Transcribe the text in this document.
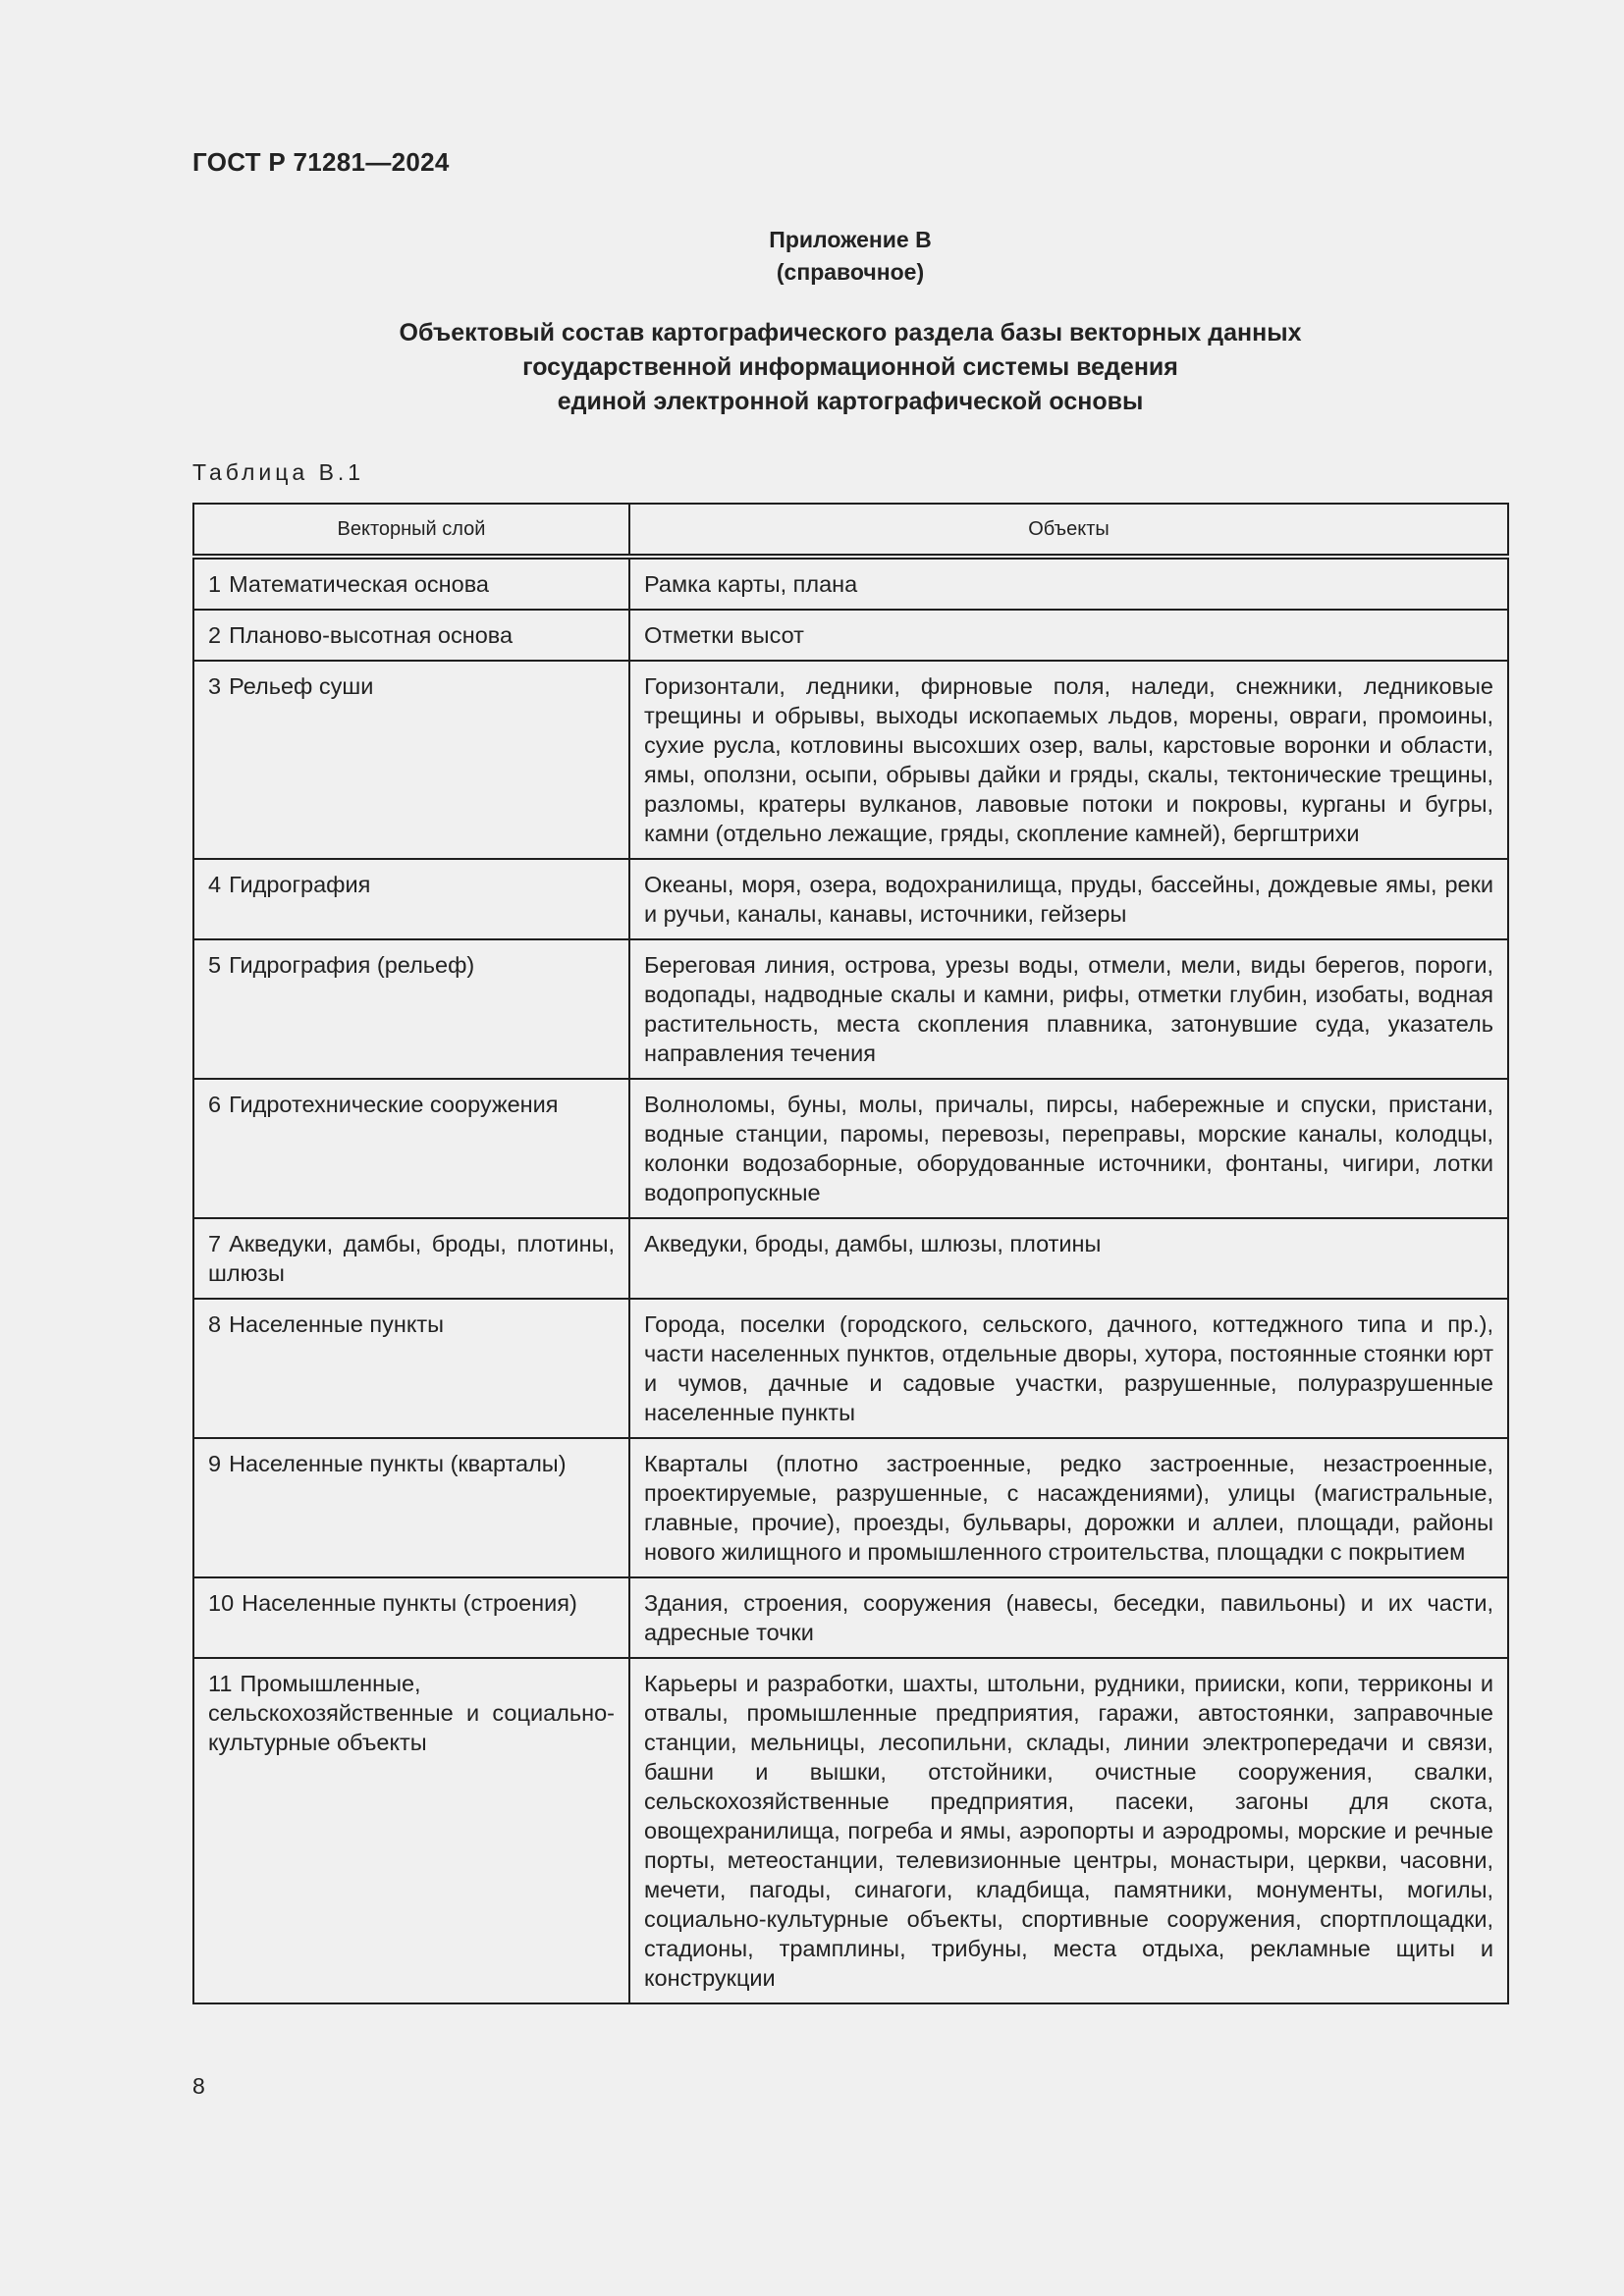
ГОСТ Р 71281—2024
Приложение В
(справочное)
Объектовый состав картографического раздела базы векторных данных
государственной информационной системы ведения
единой электронной картографической основы
Таблица В.1
Векторный слой	Объекты
1 Математическая основа	Рамка карты, плана
2 Планово-высотная основа	Отметки высот
3 Рельеф суши	Горизонтали, ледники, фирновые поля, наледи, снежники, ледниковые трещины и обрывы, выходы ископаемых льдов, морены, овраги, промоины, сухие русла, котловины высохших озер, валы, карстовые воронки и области, ямы, оползни, осыпи, обрывы дайки и гряды, скалы, тектонические трещины, разломы, кратеры вулканов, лавовые потоки и покровы, курганы и бугры, камни (отдельно лежащие, гряды, скопление камней), бергштрихи
4 Гидрография	Океаны, моря, озера, водохранилища, пруды, бассейны, дождевые ямы, реки и ручьи, каналы, канавы, источники, гейзеры
5 Гидрография (рельеф)	Береговая линия, острова, урезы воды, отмели, мели, виды берегов, пороги, водопады, надводные скалы и камни, рифы, отметки глубин, изобаты, водная растительность, места скопления плавника, затонувшие суда, указатель направления течения
6 Гидротехнические сооружения	Волноломы, буны, молы, причалы, пирсы, набережные и спуски, пристани, водные станции, паромы, перевозы, переправы, морские каналы, колодцы, колонки водозаборные, оборудованные источники, фонтаны, чигири, лотки водопропускные
7 Акведуки, дамбы, броды, плотины, шлюзы	Акведуки, броды, дамбы, шлюзы, плотины
8 Населенные пункты	Города, поселки (городского, сельского, дачного, коттеджного типа и пр.), части населенных пунктов, отдельные дворы, хутора, постоянные стоянки юрт и чумов, дачные и садовые участки, разрушенные, полуразрушенные населенные пункты
9 Населенные пункты (кварталы)	Кварталы (плотно застроенные, редко застроенные, незастроенные, проектируемые, разрушенные, с насаждениями), улицы (магистральные, главные, прочие), проезды, бульвары, дорожки и аллеи, площади, районы нового жилищного и промышленного строительства, площадки с покрытием
10 Населенные пункты (строения)	Здания, строения, сооружения (навесы, беседки, павильоны) и их части, адресные точки
11 Промышленные, сельскохозяйственные и социально-культурные объекты	Карьеры и разработки, шахты, штольни, рудники, прииски, копи, терриконы и отвалы, промышленные предприятия, гаражи, автостоянки, заправочные станции, мельницы, лесопильни, склады, линии электропередачи и связи, башни и вышки, отстойники, очистные сооружения, свалки, сельскохозяйственные предприятия, пасеки, загоны для скота, овощехранилища, погреба и ямы, аэропорты и аэродромы, морские и речные порты, метеостанции, телевизионные центры, монастыри, церкви, часовни, мечети, пагоды, синагоги, кладбища, памятники, монументы, могилы, социально-культурные объекты, спортивные сооружения, спортплощадки, стадионы, трамплины, трибуны, места отдыха, рекламные щиты и конструкции
8
